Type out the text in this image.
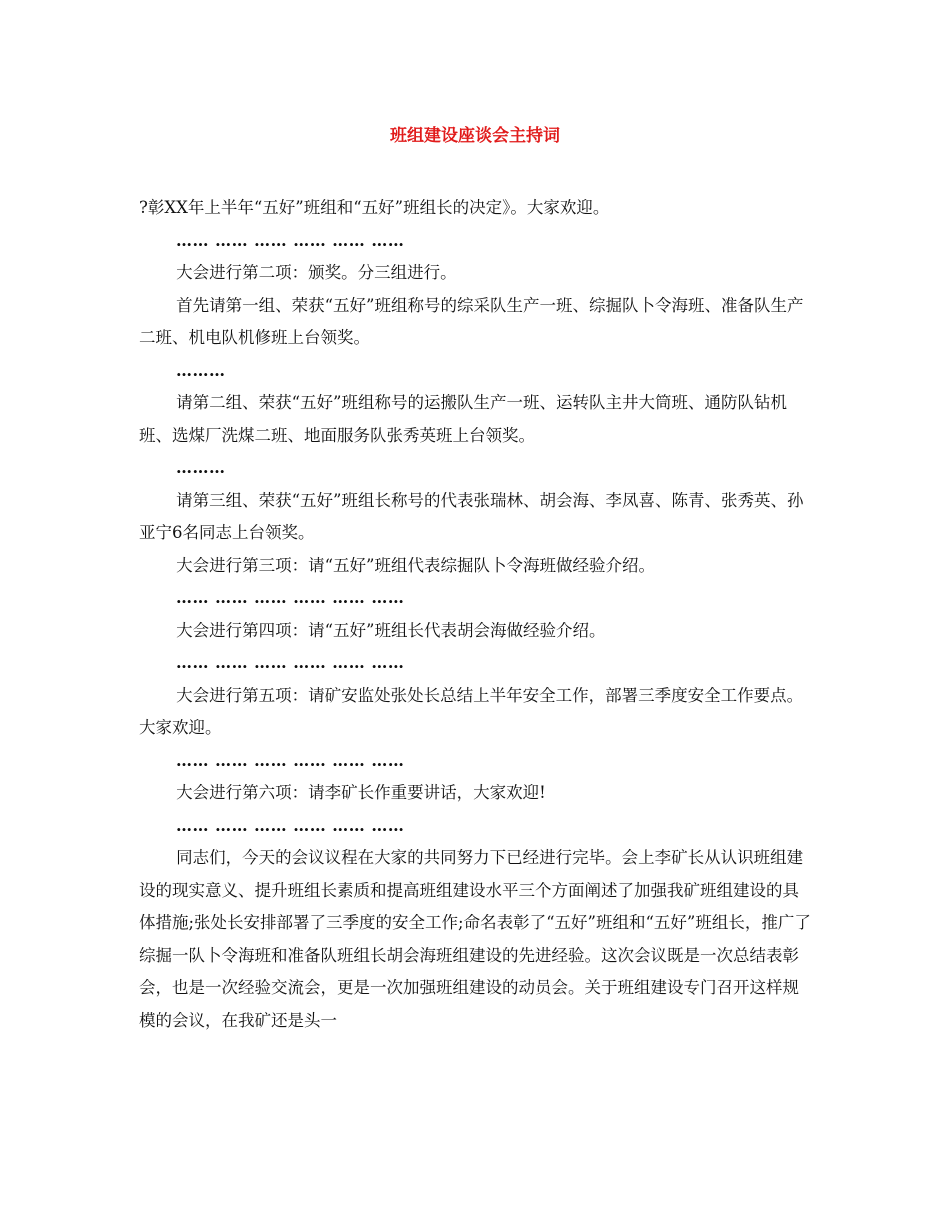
班组建设座谈会主持词
?彰XX年上半年“五好”班组和“五好”班组长的决定》。大家欢迎。
…… …… …… …… …… ……
大会进行第二项：颁奖。分三组进行。
首先请第一组、荣获“五好”班组称号的综采队生产一班、综掘队卜令海班、准备队生产二班、机电队机修班上台领奖。
………
请第二组、荣获“五好”班组称号的运搬队生产一班、运转队主井大筒班、通防队钻机班、选煤厂洗煤二班、地面服务队张秀英班上台领奖。
………
请第三组、荣获“五好”班组长称号的代表张瑞林、胡会海、李凤喜、陈青、张秀英、孙亚宁6名同志上台领奖。
大会进行第三项：请“五好”班组代表综掘队卜令海班做经验介绍。
…… …… …… …… …… ……
大会进行第四项：请“五好”班组长代表胡会海做经验介绍。
…… …… …… …… …… ……
大会进行第五项：请矿安监处张处长总结上半年安全工作，部署三季度安全工作要点。大家欢迎。
…… …… …… …… …… ……
大会进行第六项：请李矿长作重要讲话，大家欢迎!
…… …… …… …… …… ……
同志们，今天的会议议程在大家的共同努力下已经进行完毕。会上李矿长从认识班组建设的现实意义、提升班组长素质和提高班组建设水平三个方面阐述了加强我矿班组建设的具体措施;张处长安排部署了三季度的安全工作;命名表彰了“五好”班组和“五好”班组长，推广了综掘一队卜令海班和准备队班组长胡会海班组建设的先进经验。这次会议既是一次总结表彰会，也是一次经验交流会，更是一次加强班组建设的动员会。关于班组建设专门召开这样规模的会议，在我矿还是头一
